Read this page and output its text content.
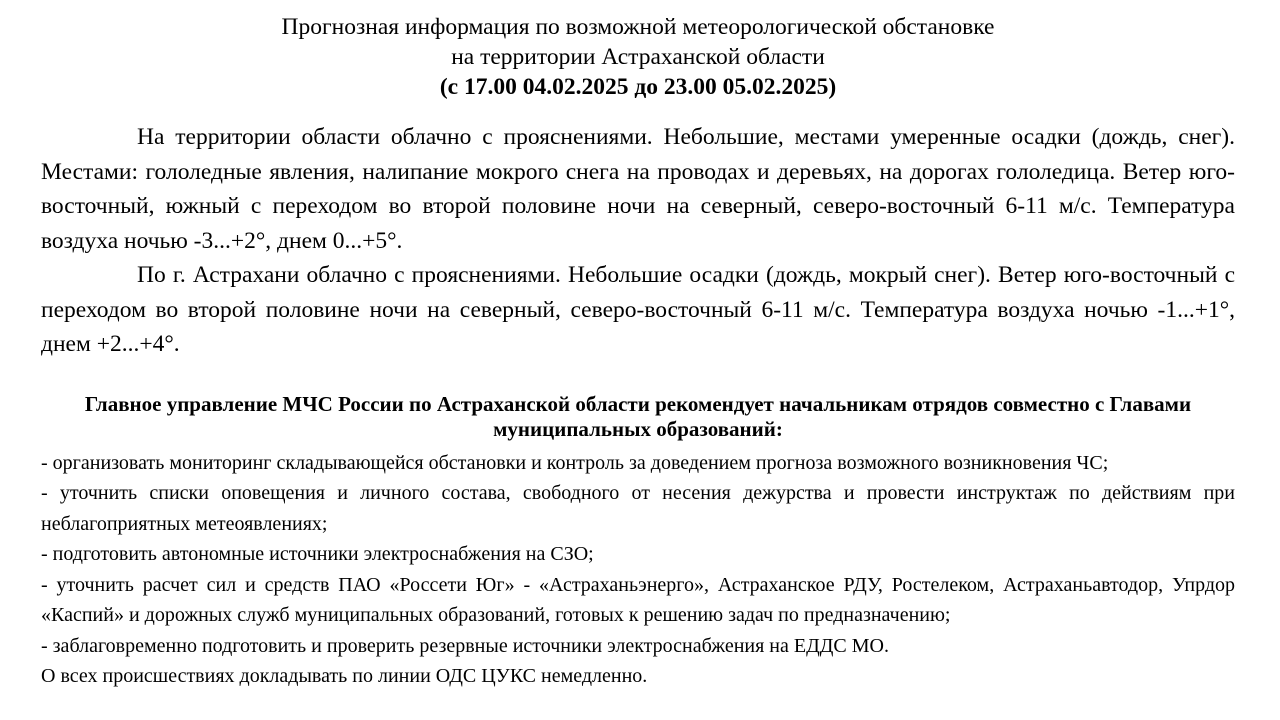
Прогнозная информация по возможной метеорологической обстановке
на территории Астраханской области
(с 17.00 04.02.2025 до 23.00 05.02.2025)

На территории области облачно с прояснениями. Небольшие, местами умеренные осадки (дождь, снег). Местами: гололедные явления, налипание мокрого снега на проводах и деревьях, на дорогах гололедица. Ветер юго-восточный, южный с переходом во второй половине ночи на северный, северо-восточный 6-11 м/с. Температура воздуха ночью -3...+2°, днем 0...+5°.

По г. Астрахани облачно с прояснениями. Небольшие осадки (дождь, мокрый снег). Ветер юго-восточный с переходом во второй половине ночи на северный, северо-восточный 6-11 м/с. Температура воздуха ночью -1...+1°, днем +2...+4°.

Главное управление МЧС России по Астраханской области рекомендует начальникам отрядов совместно с Главами муниципальных образований:

- организовать мониторинг складывающейся обстановки и контроль за доведением прогноза возможного возникновения ЧС;

- уточнить списки оповещения и личного состава, свободного от несения дежурства и провести инструктаж по действиям при неблагоприятных метеоявлениях;

- подготовить автономные источники электроснабжения на СЗО;

- уточнить расчет сил и средств ПАО «Россети Юг» - «Астраханьэнерго», Астраханское РДУ, Ростелеком, Астраханьавтодор, Упрдор «Каспий» и дорожных служб муниципальных образований, готовых к решению задач по предназначению;

- заблаговременно подготовить и проверить резервные источники электроснабжения на ЕДДС МО.

О всех происшествиях докладывать по линии ОДС ЦУКС немедленно.
